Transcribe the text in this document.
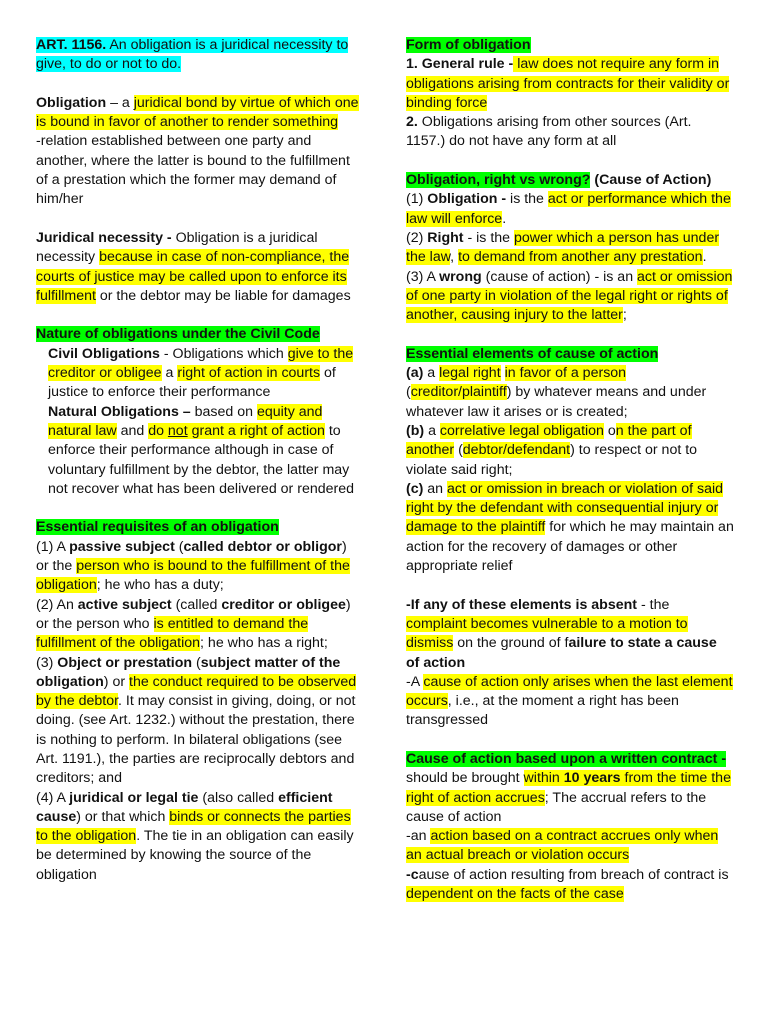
ART. 1156. An obligation is a juridical necessity to give, to do or not to do.

Obligation – a juridical bond by virtue of which one is bound in favor of another to render something

-relation established between one party and another, where the latter is bound to the fulfillment of a prestation which the former may demand of him/her

Juridical necessity - Obligation is a juridical necessity because in case of non-compliance, the courts of justice may be called upon to enforce its fulfillment or the debtor may be liable for damages

Nature of obligations under the Civil Code

Civil Obligations - Obligations which give to the creditor or obligee a right of action in courts of justice to enforce their performance

Natural Obligations – based on equity and natural law and do not grant a right of action to enforce their performance although in case of voluntary fulfillment by the debtor, the latter may not recover what has been delivered or rendered

Essential requisites of an obligation

(1) A passive subject (called debtor or obligor) or the person who is bound to the fulfillment of the obligation; he who has a duty;

(2) An active subject (called creditor or obligee) or the person who is entitled to demand the fulfillment of the obligation; he who has a right;

(3) Object or prestation (subject matter of the obligation) or the conduct required to be observed by the debtor. It may consist in giving, doing, or not doing. (see Art. 1232.) without the prestation, there is nothing to perform. In bilateral obligations (see Art. 1191.), the parties are reciprocally debtors and creditors; and

(4) A juridical or legal tie (also called efficient cause) or that which binds or connects the parties to the obligation. The tie in an obligation can easily be determined by knowing the source of the obligation

Form of obligation

1. General rule - law does not require any form in obligations arising from contracts for their validity or binding force

2. Obligations arising from other sources (Art. 1157.) do not have any form at all

Obligation, right vs wrong? (Cause of Action)

(1) Obligation - is the act or performance which the law will enforce.

(2) Right - is the power which a person has under the law, to demand from another any prestation.

(3) A wrong (cause of action) - is an act or omission of one party in violation of the legal right or rights of another, causing injury to the latter;

Essential elements of cause of action

(a) a legal right in favor of a person (creditor/plaintiff) by whatever means and under whatever law it arises or is created;

(b) a correlative legal obligation on the part of another (debtor/defendant) to respect or not to violate said right;

(c) an act or omission in breach or violation of said right by the defendant with consequential injury or damage to the plaintiff for which he may maintain an action for the recovery of damages or other appropriate relief

-If any of these elements is absent - the complaint becomes vulnerable to a motion to dismiss on the ground of failure to state a cause of action

-A cause of action only arises when the last element occurs, i.e., at the moment a right has been transgressed

Cause of action based upon a written contract - should be brought within 10 years from the time the right of action accrues; The accrual refers to the cause of action

-an action based on a contract accrues only when an actual breach or violation occurs

-cause of action resulting from breach of contract is dependent on the facts of the case
